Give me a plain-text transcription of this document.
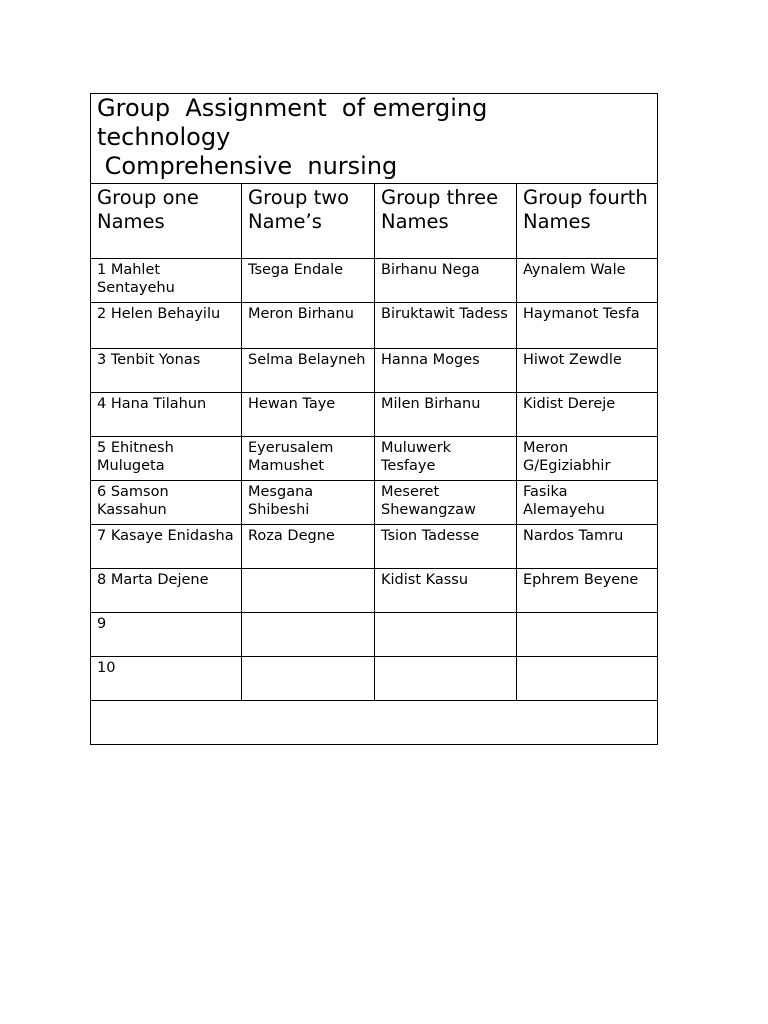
Group  Assignment  of emerging
technology
Comprehensive  nursing			

Group one Names	Group two Name’s	Group three Names	Group fourth Names
1 Mahlet Sentayehu	Tsega Endale	Birhanu Nega	Aynalem Wale
2 Helen Behayilu	Meron Birhanu	Biruktawit Tadess	Haymanot Tesfa
3 Tenbit Yonas	Selma Belayneh	Hanna Moges	Hiwot Zewdle
4 Hana Tilahun	Hewan Taye	Milen Birhanu	Kidist Dereje
5 Ehitnesh Mulugeta	Eyerusalem Mamushet	Muluwerk Tesfaye	Meron G/Egiziabhir
6 Samson Kassahun	Mesgana Shibeshi	Meseret Shewangzaw	Fasika Alemayehu
7 Kasaye Enidasha	Roza Degne	Tsion Tadesse	Nardos Tamru
8 Marta Dejene		Kidist Kassu	Ephrem Beyene
9			
10			
